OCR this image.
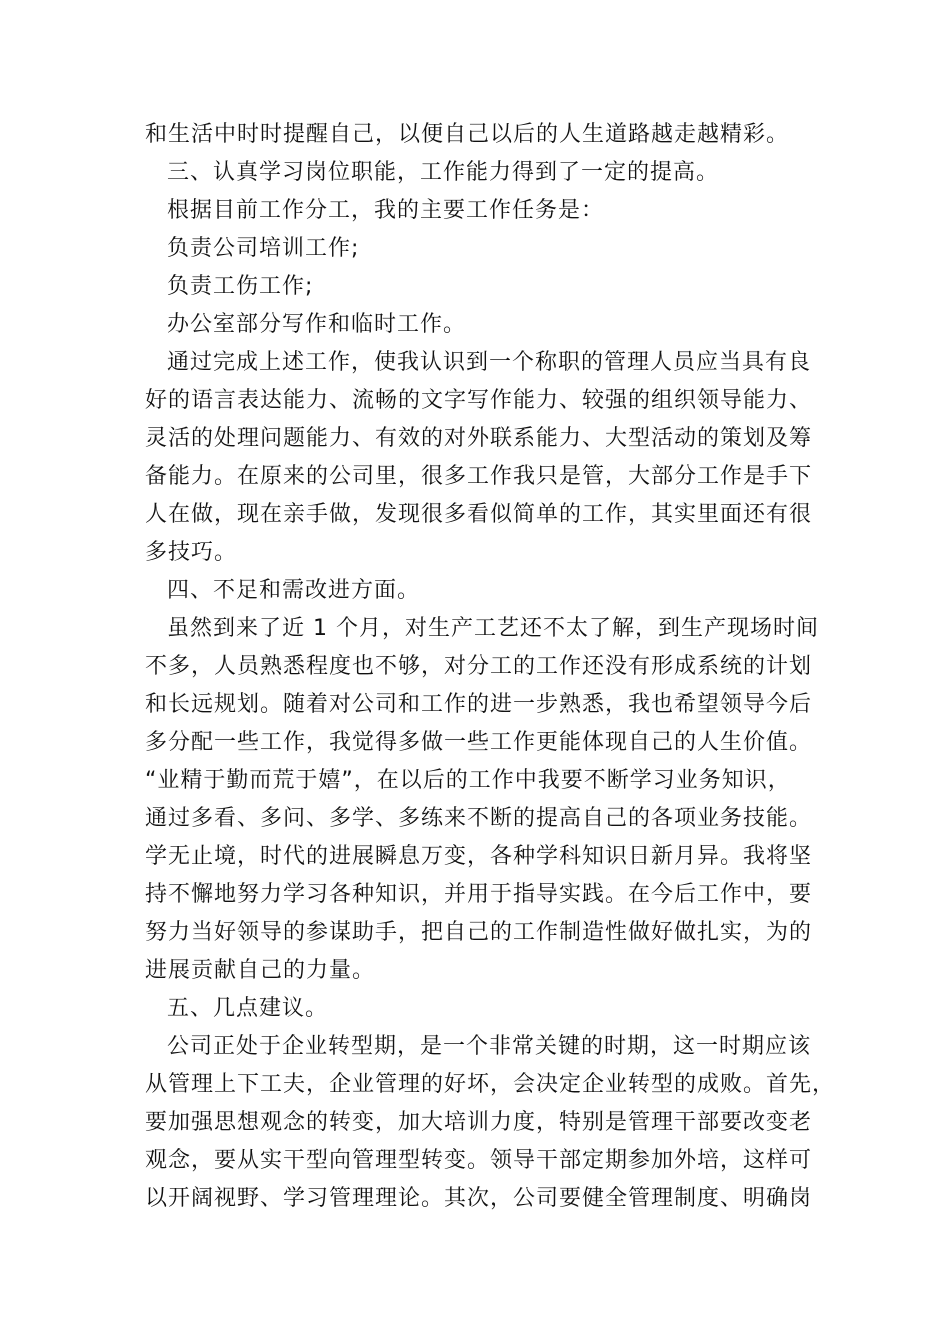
和生活中时时提醒自己，以便自己以后的人生道路越走越精彩。
三、认真学习岗位职能，工作能力得到了一定的提高。
根据目前工作分工，我的主要工作任务是：
负责公司培训工作;
负责工伤工作;
办公室部分写作和临时工作。
通过完成上述工作，使我认识到一个称职的管理人员应当具有良
好的语言表达能力、流畅的文字写作能力、较强的组织领导能力、
灵活的处理问题能力、有效的对外联系能力、大型活动的策划及筹
备能力。在原来的公司里，很多工作我只是管，大部分工作是手下
人在做，现在亲手做，发现很多看似简单的工作，其实里面还有很
多技巧。
四、不足和需改进方面。
虽然到来了近 1 个月，对生产工艺还不太了解，到生产现场时间
不多，人员熟悉程度也不够，对分工的工作还没有形成系统的计划
和长远规划。随着对公司和工作的进一步熟悉，我也希望领导今后
多分配一些工作，我觉得多做一些工作更能体现自己的人生价值。
“业精于勤而荒于嬉”，在以后的工作中我要不断学习业务知识，
通过多看、多问、多学、多练来不断的提高自己的各项业务技能。
学无止境，时代的进展瞬息万变，各种学科知识日新月异。我将坚
持不懈地努力学习各种知识，并用于指导实践。在今后工作中，要
努力当好领导的参谋助手，把自己的工作制造性做好做扎实，为的
进展贡献自己的力量。
五、几点建议。
公司正处于企业转型期，是一个非常关键的时期，这一时期应该
从管理上下工夫，企业管理的好坏，会决定企业转型的成败。首先，
要加强思想观念的转变，加大培训力度，特别是管理干部要改变老
观念，要从实干型向管理型转变。领导干部定期参加外培，这样可
以开阔视野、学习管理理论。其次，公司要健全管理制度、明确岗
